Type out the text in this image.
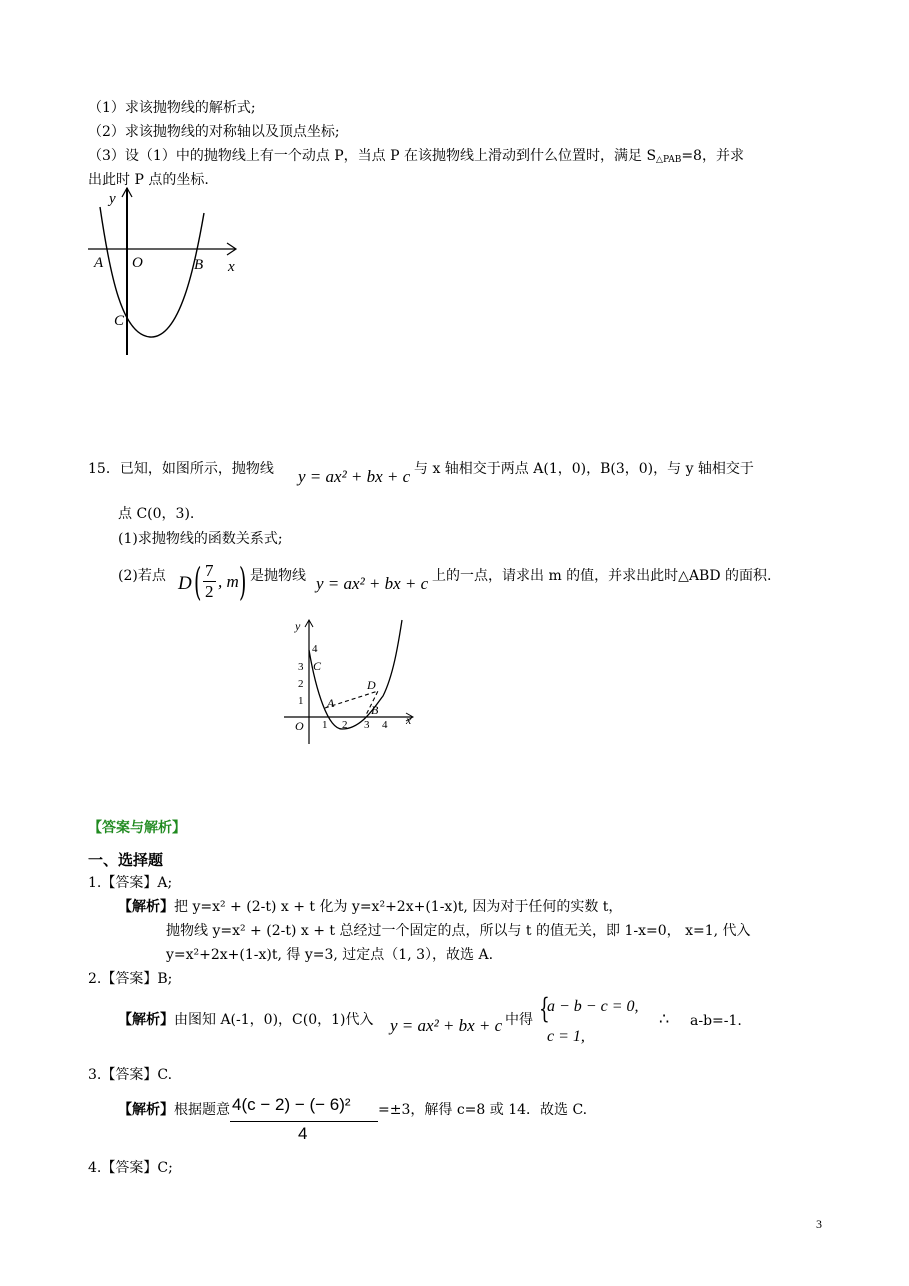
（1）求该抛物线的解析式;
（2）求该抛物线的对称轴以及顶点坐标;
（3）设（1）中的抛物线上有一个动点 P，当点 P 在该抛物线上滑动到什么位置时，满足 S△PAB=8，并求
出此时 P 点的坐标.
y
x
A O	B
C
15．已知，如图所示，抛物线 y = ax² + bx + c 与 x 轴相交于两点 A(1，0)，B(3，0)，与 y 轴相交于
点 C(0，3).
(1)求抛物线的函数关系式;
(2)若点 D ( 7
2
, m ) 是抛物线 y = ax² + bx + c 上的一点，请求出 m 的值，并求出此时△ABD 的面积.
y
x
O
C
A	B
D
4
3
2
1
1 2 3 4
【答案与解析】
一、选择题
1.【答案】A;
【解析】把 y=x² + (2-t) x + t 化为 y=x²+2x+(1-x)t, 因为对于任何的实数 t，
抛物线 y=x² + (2-t) x + t 总经过一个固定的点，所以与 t 的值无关，即 1-x=0， x=1, 代入
y=x²+2x+(1-x)t, 得 y=3, 过定点（1, 3），故选 A.
2.【答案】B;
【解析】由图知 A(-1，0)，C(0，1)代入 y = ax² + bx + c 中得 {
a − b − c = 0,
c = 1,
∴ a-b=-1.
3.【答案】C.
【解析】根据题意 4(c − 2) − (− 6)²
4
=±3，解得 c=8 或 14．故选 C.
4.【答案】C;
3
